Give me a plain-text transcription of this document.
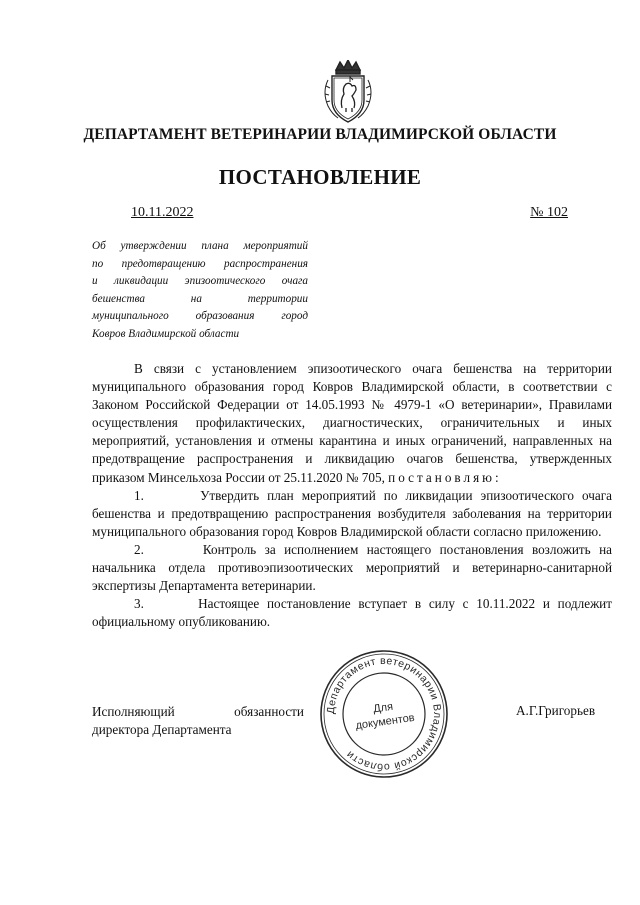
ДЕПАРТАМЕНТ ВЕТЕРИНАРИИ ВЛАДИМИРСКОЙ ОБЛАСТИ
ПОСТАНОВЛЕНИЕ
10.11.2022	№ 102
Об утверждении плана мероприятий
по предотвращению распространения
и ликвидации эпизоотического очага
бешенства на территории
муниципального образования город
Ковров Владимирской области

В связи с установлением эпизоотического очага бешенства на территории муниципального образования город Ковров Владимирской области, в соответствии с Законом Российской Федерации от 14.05.1993 № 4979-1 «О ветеринарии», Правилами осуществления профилактических, диагностических, ограничительных и иных мероприятий, установления и отмены карантина и иных ограничений, направленных на предотвращение распространения и ликвидацию очагов бешенства, утвержденных приказом Минсельхоза России от 25.11.2020 № 705, постановляю:

1.	Утвердить план мероприятий по ликвидации эпизоотического очага бешенства и предотвращению распространения возбудителя заболевания на территории муниципального образования город Ковров Владимирской области согласно приложению.

2.	Контроль за исполнением настоящего постановления возложить на начальника отдела противоэпизоотических мероприятий и ветеринарно-санитарной экспертизы Департамента ветеринарии.

3.	Настоящее постановление вступает в силу с 10.11.2022 и подлежит официальному опубликованию.

Исполняющий обязанности
директора Департамента
Департамент ветеринарии Владимирской области
Для
документов
А.Г.Григорьев
